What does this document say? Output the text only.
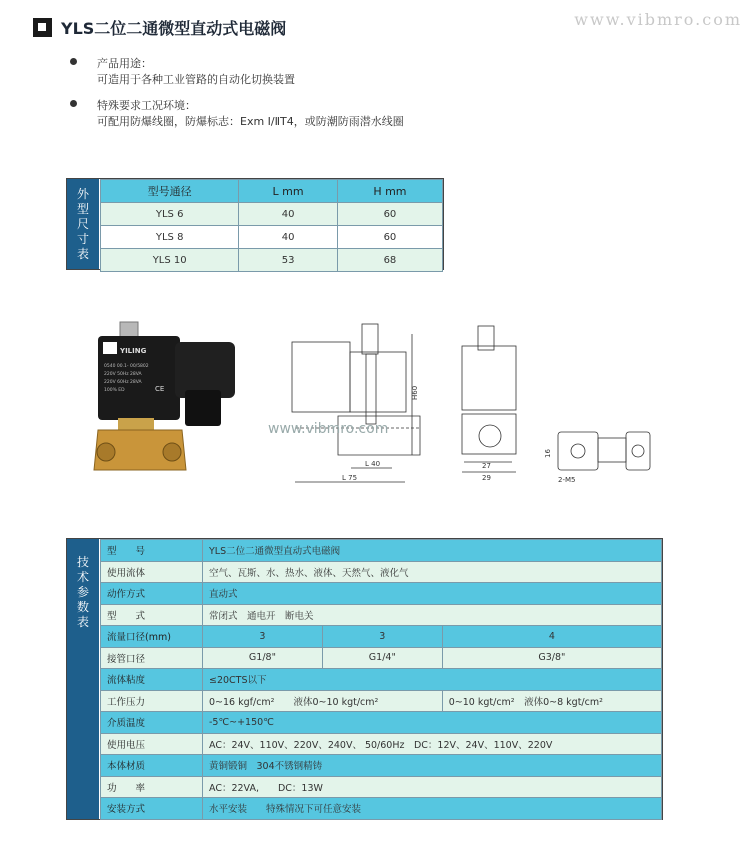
YLS二位二通微型直动式电磁阀	www.vibmro.com
产品用途：
可造用于各种工业管路的自动化切换装置
特殊要求工况环境：
可配用防爆线圈，防爆标志：Exm Ⅰ/ⅡT4，或防潮防雨潜水线圈
外
型
尺
寸
表
型号通径	L mm	H mm
YLS 6	40	60
YLS 8	40	60
YLS 10	53	68
YILING
0540 00.1- 00/5802
220V 50Hz 28VA
220V 60Hz 28VA
100% ED	CE	H60
L 40
L 75
www.vibmro.com
27
29
16
2-M5
技
术
参
数
表
型　　号	YLS二位二通微型直动式电磁阀		
使用流体	空气、瓦斯、水、热水、液体、天然气、液化气		
动作方式	直动式		
型　　式	常闭式　通电开　断电关		
流量口径(mm)	3	3	4
接管口径	G1/8"	G1/4"	G3/8"
流体粘度	≤20CTS以下		
工作压力	0~16 kgf/cm²　　液体0~10 kgt/cm²		0~10 kgt/cm²　液体0~8 kgt/cm²
介质温度	-5℃~+150℃		
使用电压	AC：24V、110V、220V、240V、 50/60Hz　DC：12V、24V、110V、220V		
本体材质	黄铜锻铜　304不锈钢精铸		
功　　率	AC：22VA,　　DC：13W		
安装方式	水平安装　　特殊情况下可任意安装		
